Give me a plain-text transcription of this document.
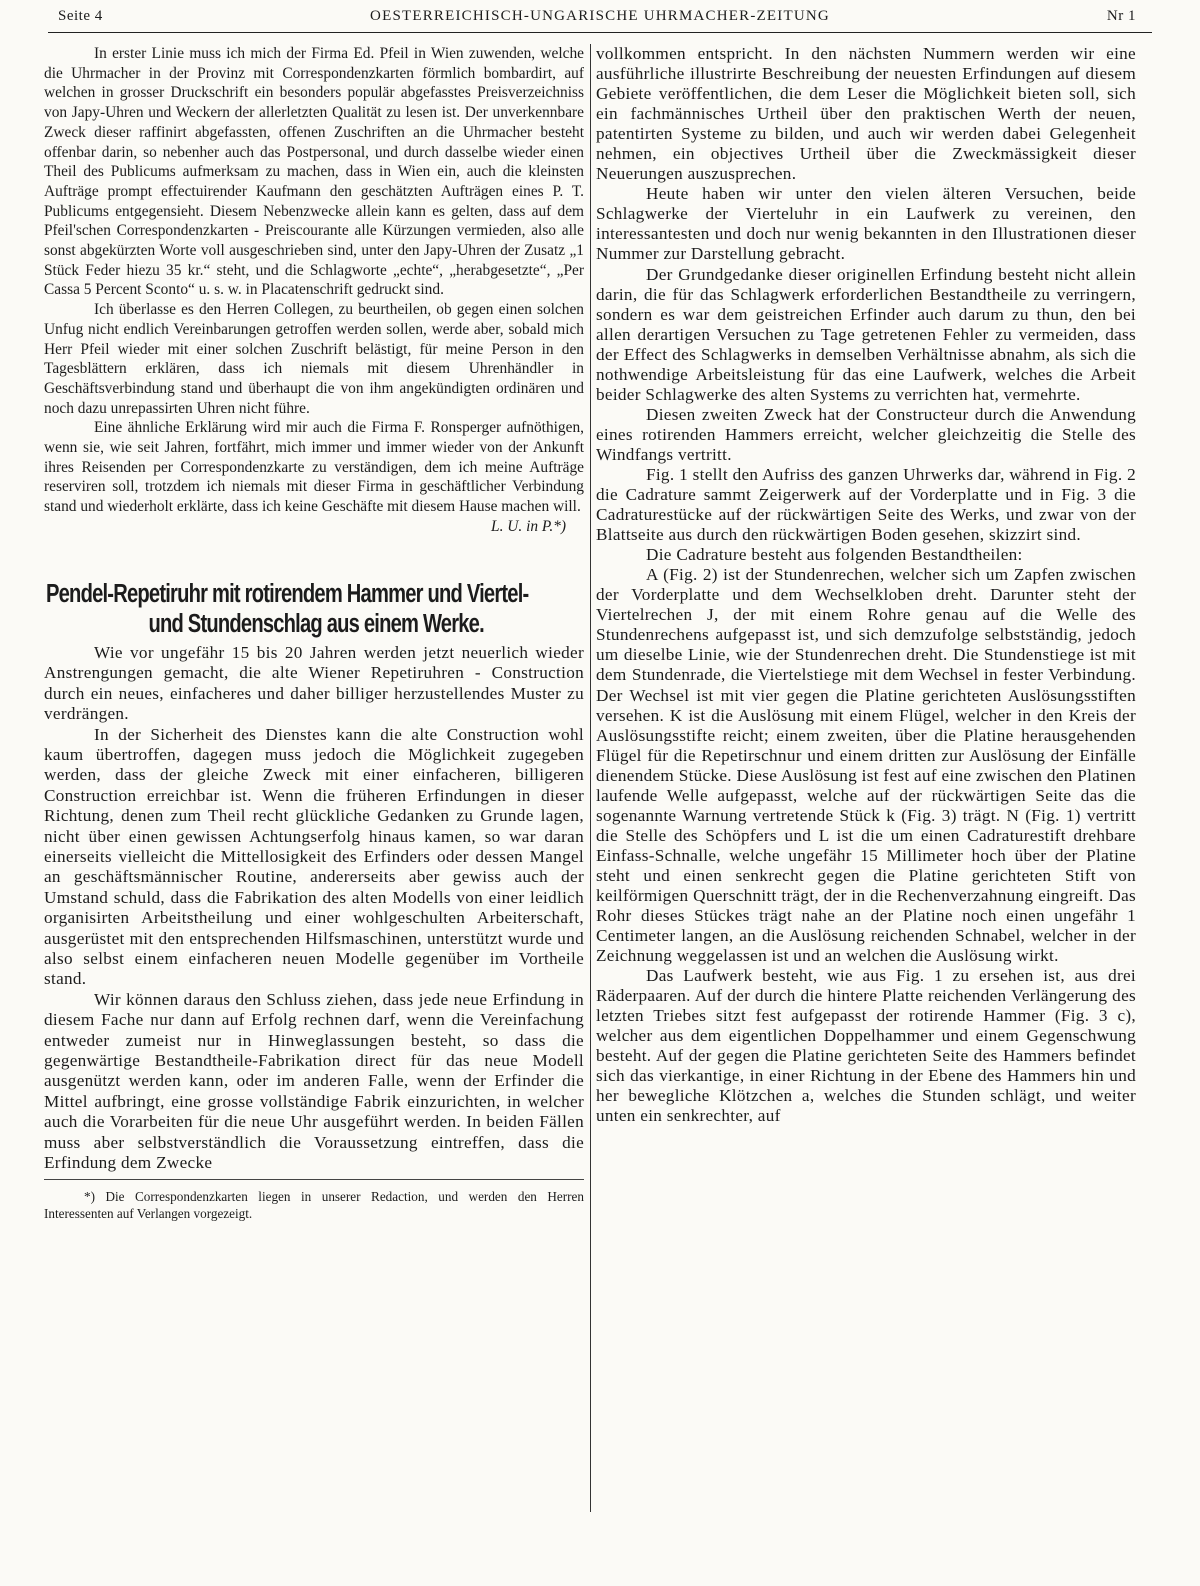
Seite 4	OESTERREICHISCH-UNGARISCHE UHRMACHER-ZEITUNG	Nr 1

In erster Linie muss ich mich der Firma Ed. Pfeil in Wien zuwenden, welche die Uhrmacher in der Provinz mit Correspondenzkarten förmlich bombardirt, auf welchen in grosser Druckschrift ein besonders populär abgefasstes Preisverzeichniss von Japy-Uhren und Weckern der allerletzten Qualität zu lesen ist. Der unverkennbare Zweck dieser raffinirt abgefassten, offenen Zuschriften an die Uhrmacher besteht offenbar darin, so nebenher auch das Postpersonal, und durch dasselbe wieder einen Theil des Publicums aufmerksam zu machen, dass in Wien ein, auch die kleinsten Aufträge prompt effectuirender Kaufmann den geschätzten Aufträgen eines P. T. Publicums entgegensieht. Diesem Nebenzwecke allein kann es gelten, dass auf dem Pfeil'schen Correspondenzkarten - Preiscourante alle Kürzungen vermieden, also alle sonst abgekürzten Worte voll ausgeschrieben sind, unter den Japy-Uhren der Zusatz „1 Stück Feder hiezu 35 kr.“ steht, und die Schlagworte „echte“, „herabgesetzte“, „Per Cassa 5 Percent Sconto“ u. s. w. in Placatenschrift gedruckt sind.

Ich überlasse es den Herren Collegen, zu beurtheilen, ob gegen einen solchen Unfug nicht endlich Vereinbarungen getroffen werden sollen, werde aber, sobald mich Herr Pfeil wieder mit einer solchen Zuschrift belästigt, für meine Person in den Tagesblättern erklären, dass ich niemals mit diesem Uhrenhändler in Geschäftsverbindung stand und überhaupt die von ihm angekündigten ordinären und noch dazu unrepassirten Uhren nicht führe.

Eine ähnliche Erklärung wird mir auch die Firma F. Ronsperger aufnöthigen, wenn sie, wie seit Jahren, fortfährt, mich immer und immer wieder von der Ankunft ihres Reisenden per Correspondenzkarte zu verständigen, dem ich meine Aufträge reserviren soll, trotzdem ich niemals mit dieser Firma in geschäftlicher Verbindung stand und wiederholt erklärte, dass ich keine Geschäfte mit diesem Hause machen will.

L. U. in P.*)
Pendel-Repetiruhr mit rotirendem Hammer und Viertel-
und Stundenschlag aus einem Werke.

Wie vor ungefähr 15 bis 20 Jahren werden jetzt neuerlich wieder Anstrengungen gemacht, die alte Wiener Repetiruhren - Construction durch ein neues, einfacheres und daher billiger herzustellendes Muster zu verdrängen.

In der Sicherheit des Dienstes kann die alte Construction wohl kaum übertroffen, dagegen muss jedoch die Möglichkeit zugegeben werden, dass der gleiche Zweck mit einer einfacheren, billigeren Construction erreichbar ist. Wenn die früheren Erfindungen in dieser Richtung, denen zum Theil recht glückliche Gedanken zu Grunde lagen, nicht über einen gewissen Achtungserfolg hinaus kamen, so war daran einerseits vielleicht die Mittellosigkeit des Erfinders oder dessen Mangel an geschäftsmännischer Routine, andererseits aber gewiss auch der Umstand schuld, dass die Fabrikation des alten Modells von einer leidlich organisirten Arbeitstheilung und einer wohlgeschulten Arbeiterschaft, ausgerüstet mit den entsprechenden Hilfsmaschinen, unterstützt wurde und also selbst einem einfacheren neuen Modelle gegenüber im Vortheile stand.

Wir können daraus den Schluss ziehen, dass jede neue Erfindung in diesem Fache nur dann auf Erfolg rechnen darf, wenn die Vereinfachung entweder zumeist nur in Hinweglassungen besteht, so dass die gegenwärtige Bestandtheile-Fabrikation direct für das neue Modell ausgenützt werden kann, oder im anderen Falle, wenn der Erfinder die Mittel aufbringt, eine grosse vollständige Fabrik einzurichten, in welcher auch die Vorarbeiten für die neue Uhr ausgeführt werden. In beiden Fällen muss aber selbstverständlich die Voraussetzung eintreffen, dass die Erfindung dem Zwecke

*) Die Correspondenzkarten liegen in unserer Redaction, und werden den Herren Interessenten auf Verlangen vorgezeigt.

vollkommen entspricht. In den nächsten Nummern werden wir eine ausführliche illustrirte Beschreibung der neuesten Erfindungen auf diesem Gebiete veröffentlichen, die dem Leser die Möglichkeit bieten soll, sich ein fachmännisches Urtheil über den praktischen Werth der neuen, patentirten Systeme zu bilden, und auch wir werden dabei Gelegenheit nehmen, ein objectives Urtheil über die Zweckmässigkeit dieser Neuerungen auszusprechen.

Heute haben wir unter den vielen älteren Versuchen, beide Schlagwerke der Vierteluhr in ein Laufwerk zu vereinen, den interessantesten und doch nur wenig bekannten in den Illustrationen dieser Nummer zur Darstellung gebracht.

Der Grundgedanke dieser originellen Erfindung besteht nicht allein darin, die für das Schlagwerk erforderlichen Bestandtheile zu verringern, sondern es war dem geistreichen Erfinder auch darum zu thun, den bei allen derartigen Versuchen zu Tage getretenen Fehler zu vermeiden, dass der Effect des Schlagwerks in demselben Verhältnisse abnahm, als sich die nothwendige Arbeitsleistung für das eine Laufwerk, welches die Arbeit beider Schlagwerke des alten Systems zu verrichten hat, vermehrte.

Diesen zweiten Zweck hat der Constructeur durch die Anwendung eines rotirenden Hammers erreicht, welcher gleichzeitig die Stelle des Windfangs vertritt.

Fig. 1 stellt den Aufriss des ganzen Uhrwerks dar, während in Fig. 2 die Cadrature sammt Zeigerwerk auf der Vorderplatte und in Fig. 3 die Cadraturestücke auf der rückwärtigen Seite des Werks, und zwar von der Blattseite aus durch den rückwärtigen Boden gesehen, skizzirt sind.

Die Cadrature besteht aus folgenden Bestandtheilen:

A (Fig. 2) ist der Stundenrechen, welcher sich um Zapfen zwischen der Vorderplatte und dem Wechselkloben dreht. Darunter steht der Viertelrechen J, der mit einem Rohre genau auf die Welle des Stundenrechens aufgepasst ist, und sich demzufolge selbstständig, jedoch um dieselbe Linie, wie der Stundenrechen dreht. Die Stundenstiege ist mit dem Stundenrade, die Viertelstiege mit dem Wechsel in fester Verbindung. Der Wechsel ist mit vier gegen die Platine gerichteten Auslösungsstiften versehen. K ist die Auslösung mit einem Flügel, welcher in den Kreis der Auslösungsstifte reicht; einem zweiten, über die Platine herausgehenden Flügel für die Repetirschnur und einem dritten zur Auslösung der Einfälle dienendem Stücke. Diese Auslösung ist fest auf eine zwischen den Platinen laufende Welle aufgepasst, welche auf der rückwärtigen Seite das die sogenannte Warnung vertretende Stück k (Fig. 3) trägt. N (Fig. 1) vertritt die Stelle des Schöpfers und L ist die um einen Cadraturestift drehbare Einfass-Schnalle, welche ungefähr 15 Millimeter hoch über der Platine steht und einen senkrecht gegen die Platine gerichteten Stift von keilförmigen Querschnitt trägt, der in die Rechenverzahnung eingreift. Das Rohr dieses Stückes trägt nahe an der Platine noch einen ungefähr 1 Centimeter langen, an die Auslösung reichenden Schnabel, welcher in der Zeichnung weggelassen ist und an welchen die Auslösung wirkt.

Das Laufwerk besteht, wie aus Fig. 1 zu ersehen ist, aus drei Räderpaaren. Auf der durch die hintere Platte reichenden Verlängerung des letzten Triebes sitzt fest aufgepasst der rotirende Hammer (Fig. 3 c), welcher aus dem eigentlichen Doppelhammer und einem Gegenschwung besteht. Auf der gegen die Platine gerichteten Seite des Hammers befindet sich das vierkantige, in einer Richtung in der Ebene des Hammers hin und her bewegliche Klötzchen a, welches die Stunden schlägt, und weiter unten ein senkrechter, auf
